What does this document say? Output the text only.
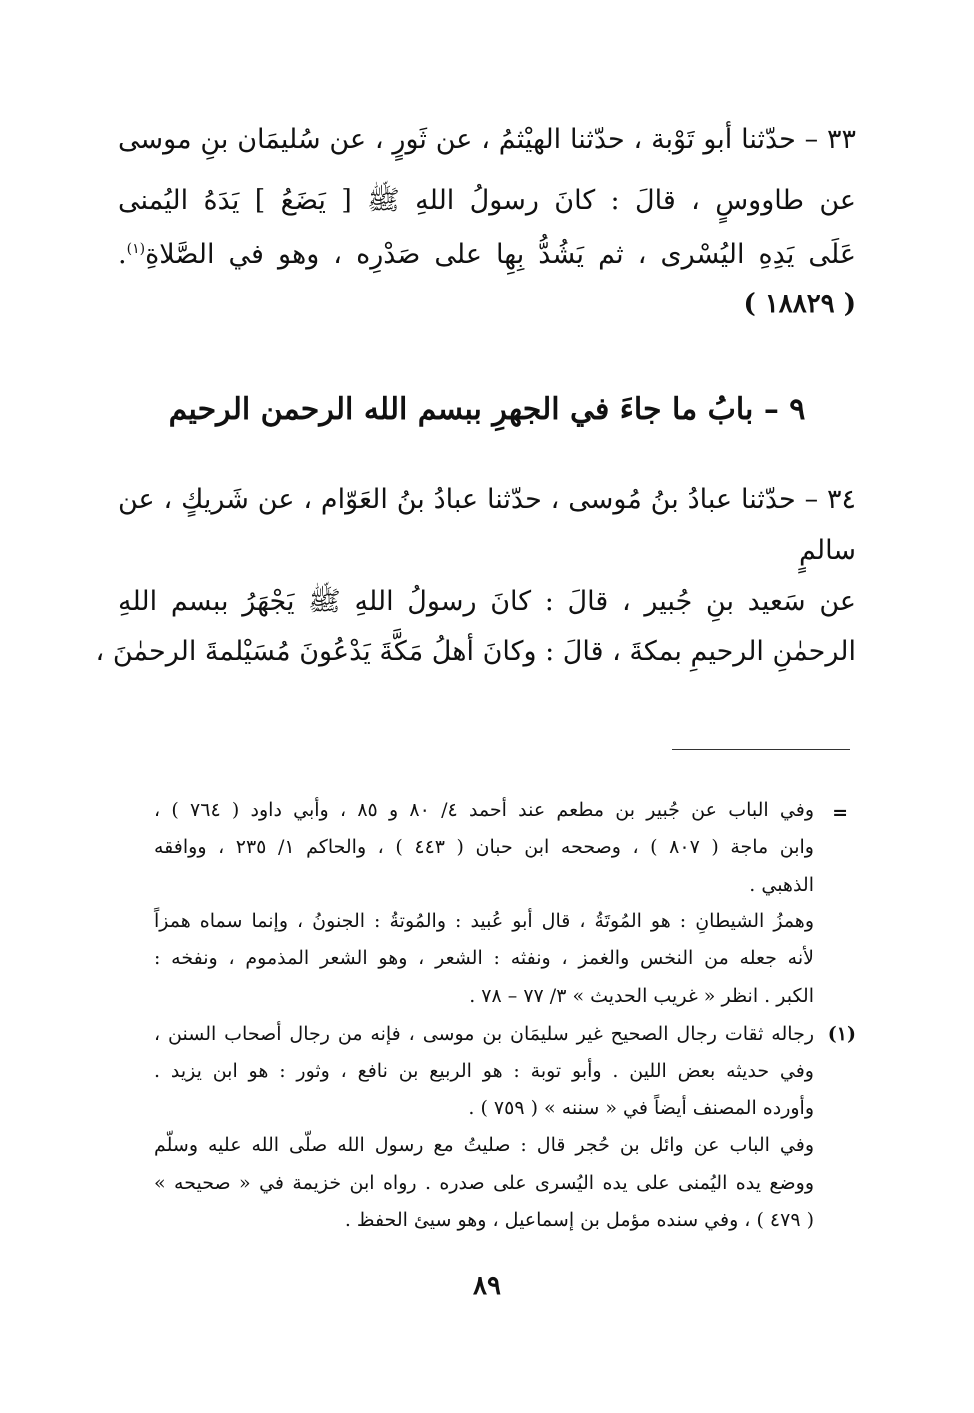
٣٣ – حدّثنا أبو تَوْبة ، حدّثنا الهيْثمُ ، عن ثَورٍ ، عن سُليمَان بنِ موسى
عن طاووسٍ ، قالَ : كانَ رسولُ اللهِ ﷺ [ يَضَعُ ] يَدَهُ اليُمنى
عَلَى يَدِهِ اليُسْرى ، ثم يَشُدُّ بِهِا على صَدْرِه ، وهو في الصَّلاةِ$^{(١)}$.
( ١٨٨٢٩ )
٩ – بابُ ما جاءَ في الجهرِ ببسم الله الرحمن الرحيم
٣٤ – حدّثنا عبادُ بنُ مُوسى ، حدّثنا عبادُ بنُ العَوّام ، عن شَريكٍ ، عن
سالمٍ
عن سَعيد بنِ جُبير ، قالَ : كانَ رسولُ اللهِ ﷺ يَجْهَرُ ببسم اللهِ
الرحمٰنِ الرحيمِ بمكةَ ، قالَ : وكانَ أهلُ مَكَّةَ يَدْعُونَ مُسَيْلمةَ الرحمٰنَ ،
=
وفي الباب عن جُبير بن مطعم عند أحمد ٤/ ٨٠ و ٨٥ ، وأبي داود ( ٧٦٤ ) ،
وابن ماجة ( ٨٠٧ ) ، وصححه ابن حبان ( ٤٤٣ ) ، والحاكم ١/ ٢٣٥ ، ووافقه
الذهبي .
وهمزُ الشيطانِ : هو المُوتَةُ ، قال أبو عُبيد : والمُوتةُ : الجنونُ ، وإنما سماه همزاً
لأنه جعله من النخس والغمز ، ونفثه : الشعر ، وهو الشعر المذموم ، ونفخه :
الكبر . انظر « غريب الحديث » ٣/ ٧٧ – ٧٨ .
(١)
رجاله ثقات رجال الصحيح غير سليمَان بن موسى ، فإنه من رجال أصحاب السنن ،
وفي حديثه بعض اللين . وأبو توبة : هو الربيع بن نافع ، وثور : هو ابن يزيد .
وأورده المصنف أيضاً في « سننه » ( ٧٥٩ ) .
وفي الباب عن وائل بن حُجر قال : صليتُ مع رسول الله صلّى الله عليه وسلّم
ووضع يده اليُمنى على يده اليُسرى على صدره . رواه ابن خزيمة في « صحيحه »
( ٤٧٩ ) ، وفي سنده مؤمل بن إسماعيل ، وهو سيئ الحفظ .
٨٩
